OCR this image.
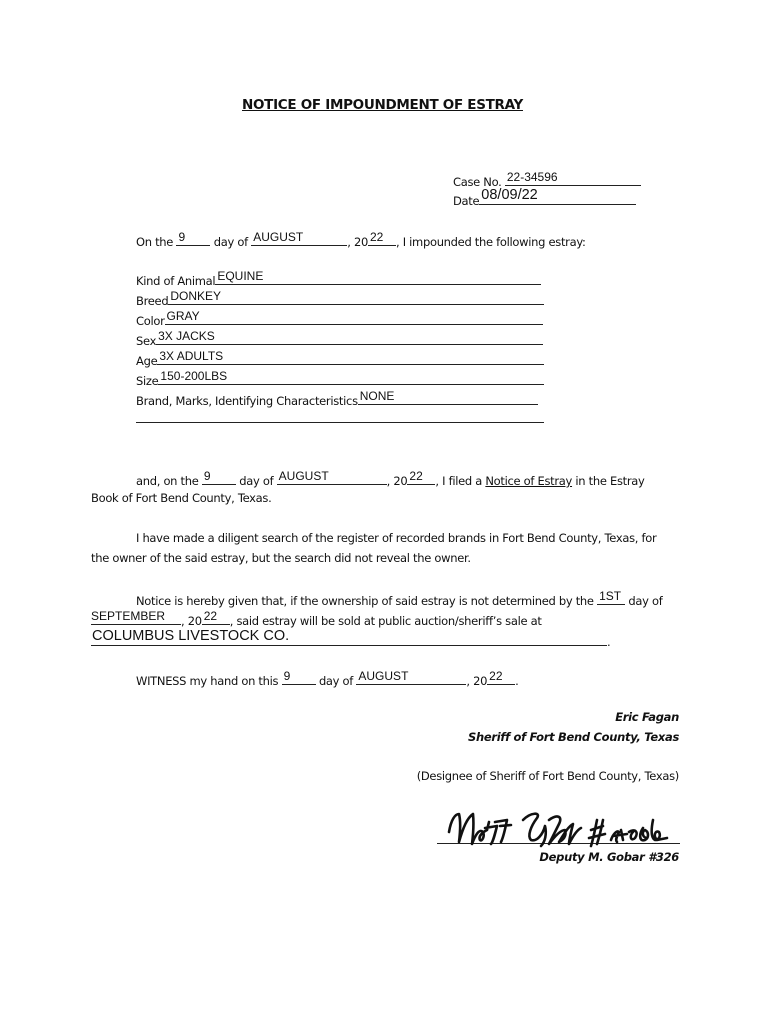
NOTICE OF IMPOUNDMENT OF ESTRAY
Case No. 22-34596
Date 08/09/22
On the 9 day of AUGUST	, 20 22 , I impounded the following estray:
Kind of Animal EQUINE
Breed DONKEY
Color GRAY
Sex 3X JACKS
Age 3X ADULTS
Size 150-200LBS
Brand, Marks, Identifying Characteristics NONE
and, on the 9 day of AUGUST	, 20 22 , I filed a Notice of Estray in the Estray
Book of Fort Bend County, Texas.
I have made a diligent search of the register of recorded brands in Fort Bend County, Texas, for
the owner of the said estray, but the search did not reveal the owner.
Notice is hereby given that, if the ownership of said estray is not determined by the 1ST day of
SEPTEMBER , 20 22 , said estray will be sold at public auction/sheriff’s sale at
COLUMBUS LIVESTOCK CO.	.
WITNESS my hand on this 9 day of AUGUST	, 20 22 .
Eric Fagan
Sheriff of Fort Bend County, Texas
(Designee of Sheriff of Fort Bend County, Texas)
Deputy M. Gobar #326
